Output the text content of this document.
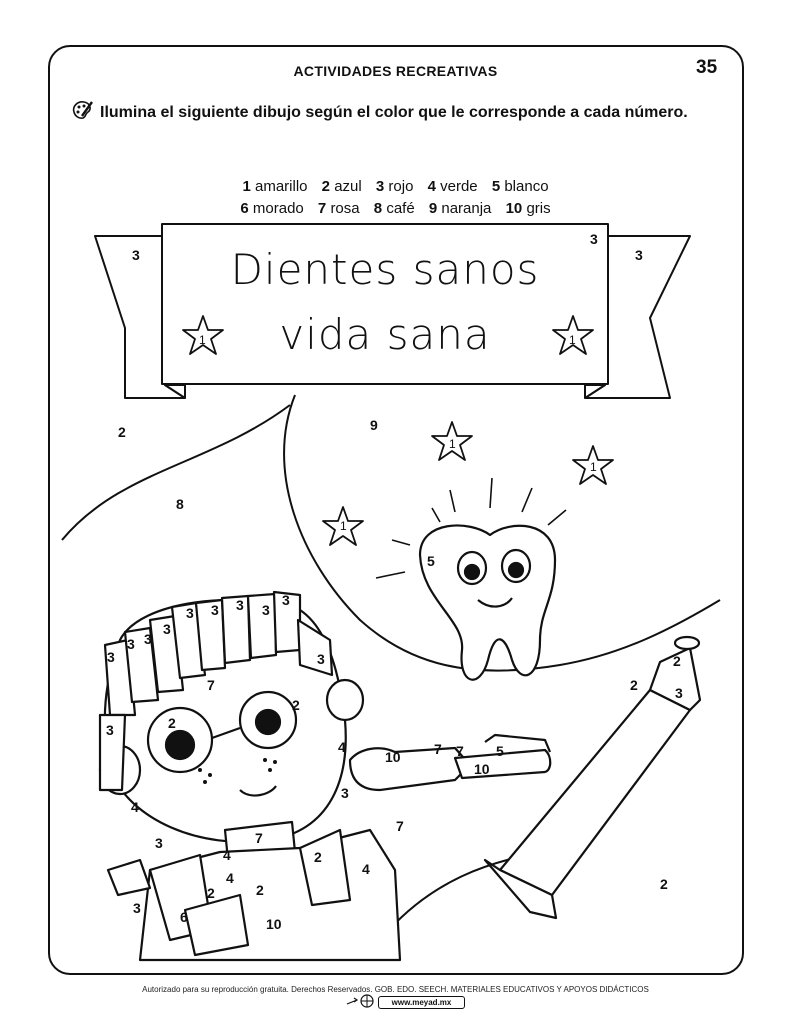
ACTIVIDADES RECREATIVAS	35
Ilumina el siguiente dibujo según el color que le corresponde a cada número.
1 amarillo 2 azul 3 rojo 4 verde 5 blanco
6 morado 7 rosa 8 café 9 naranja 10 gris
Dientes sanos
vida sana
3
3
3
1	1
2	9
8
1
1
1
5
3
3 3
3
3 3 3 3
3
3
3
7
2
2
3
4
10 7 7 5
10
3
2
2
3
4
7
7
2
4
4
2
2	3
4
6	10
2
Autorizado para su reproducción gratuita. Derechos Reservados. GOB. EDO. SEECH. MATERIALES EDUCATIVOS Y APOYOS DIDÁCTICOS
www.meyad.mx
